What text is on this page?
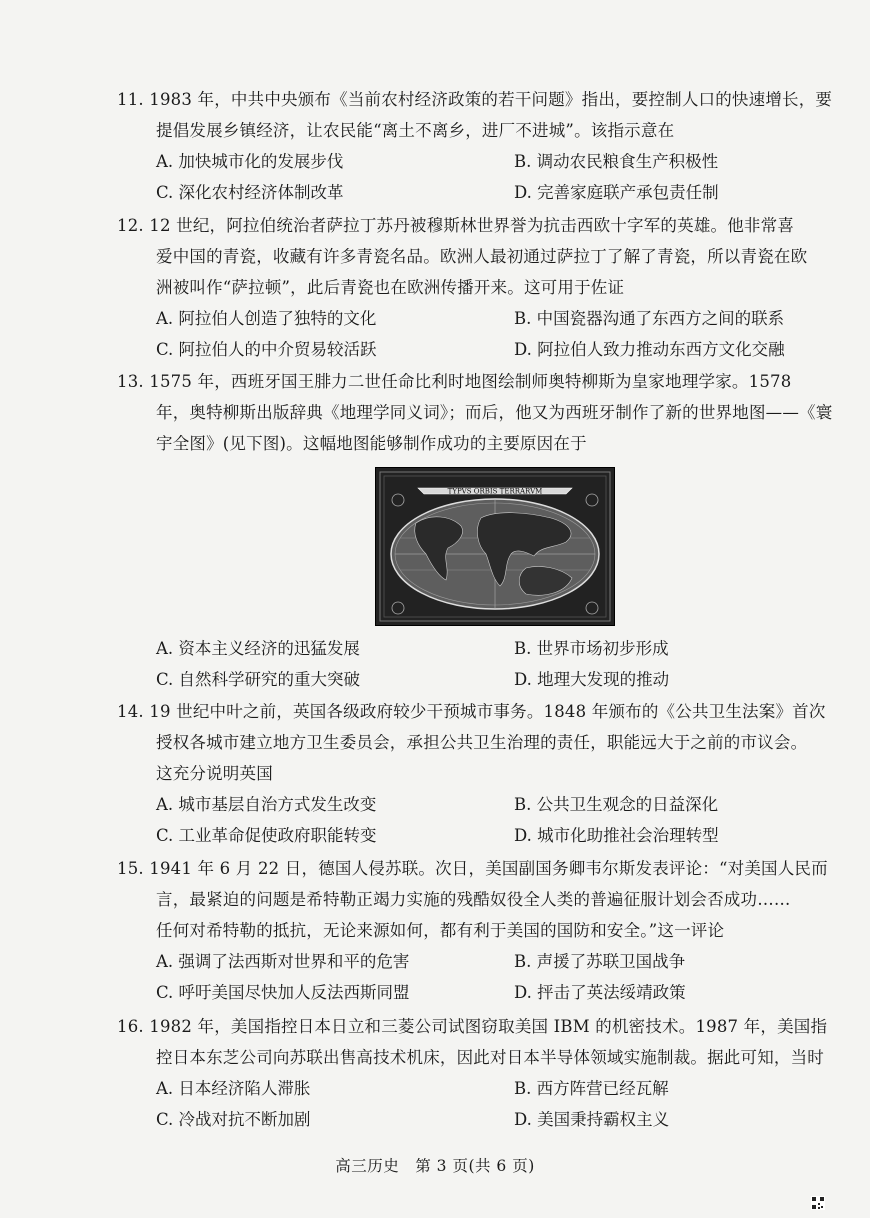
11. 1983 年，中共中央颁布《当前农村经济政策的若干问题》指出，要控制人口的快速增长，要
提倡发展乡镇经济，让农民能“离土不离乡，进厂不进城”。该指示意在
A. 加快城市化的发展步伐	B. 调动农民粮食生产积极性
C. 深化农村经济体制改革	D. 完善家庭联产承包责任制
12. 12 世纪，阿拉伯统治者萨拉丁苏丹被穆斯林世界誉为抗击西欧十字军的英雄。他非常喜
爱中国的青瓷，收藏有许多青瓷名品。欧洲人最初通过萨拉丁了解了青瓷，所以青瓷在欧
洲被叫作“萨拉顿”，此后青瓷也在欧洲传播开来。这可用于佐证
A. 阿拉伯人创造了独特的文化	B. 中国瓷器沟通了东西方之间的联系
C. 阿拉伯人的中介贸易较活跃	D. 阿拉伯人致力推动东西方文化交融
13. 1575 年，西班牙国王腓力二世任命比利时地图绘制师奥特柳斯为皇家地理学家。1578
年，奥特柳斯出版辞典《地理学同义词》；而后，他又为西班牙制作了新的世界地图——《寰
宇全图》(见下图)。这幅地图能够制作成功的主要原因在于
TYPVS ORBIS TERRARVM
A. 资本主义经济的迅猛发展	B. 世界市场初步形成
C. 自然科学研究的重大突破	D. 地理大发现的推动
14. 19 世纪中叶之前，英国各级政府较少干预城市事务。1848 年颁布的《公共卫生法案》首次
授权各城市建立地方卫生委员会，承担公共卫生治理的责任，职能远大于之前的市议会。
这充分说明英国
A. 城市基层自治方式发生改变	B. 公共卫生观念的日益深化
C. 工业革命促使政府职能转变	D. 城市化助推社会治理转型
15. 1941 年 6 月 22 日，德国人侵苏联。次日，美国副国务卿韦尔斯发表评论：“对美国人民而
言，最紧迫的问题是希特勒正竭力实施的残酷奴役全人类的普遍征服计划会否成功……
任何对希特勒的抵抗，无论来源如何，都有利于美国的国防和安全。”这一评论
A. 强调了法西斯对世界和平的危害	B. 声援了苏联卫国战争
C. 呼吁美国尽快加人反法西斯同盟	D. 抨击了英法绥靖政策
16. 1982 年，美国指控日本日立和三菱公司试图窃取美国 IBM 的机密技术。1987 年，美国指
控日本东芝公司向苏联出售高技术机床，因此对日本半导体领域实施制裁。据此可知，当时
A. 日本经济陷人滞胀	B. 西方阵营已经瓦解
C. 冷战对抗不断加剧	D. 美国秉持霸权主义
高三历史　第 3 页(共 6 页)
